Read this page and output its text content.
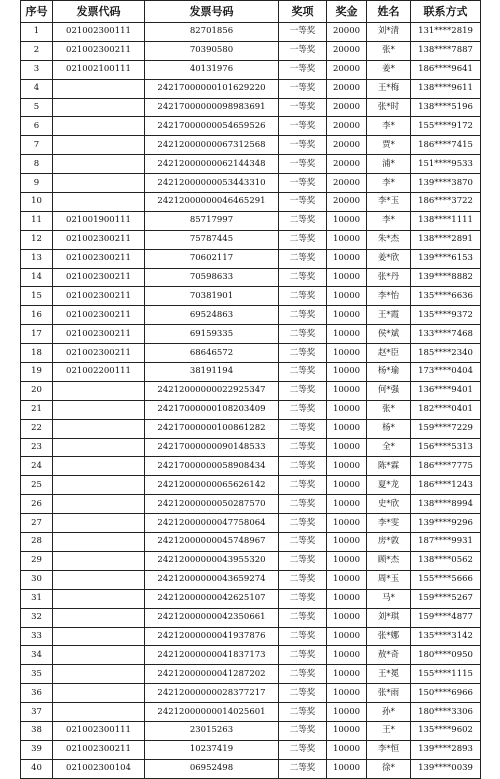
序号	发票代码	发票号码	奖项	奖金	姓名	联系方式
1	021002300111	82701856	一等奖	20000	刘*清	131****2819
2	021002300211	70390580	一等奖	20000	张*	138****7887
3	021002100111	40131976	一等奖	20000	姜*	186****9641
4		24217000000101629220	一等奖	20000	王*梅	138****9611
5		24217000000098983691	一等奖	20000	张*时	138****5196
6		24217000000054659526	一等奖	20000	李*	155****9172
7		24212000000067312568	一等奖	20000	贾*	186****7415
8		24212000000062144348	一等奖	20000	浦*	151****9533
9		24212000000053443310	一等奖	20000	李*	139****3870
10		24212000000046465291	一等奖	20000	李*玉	186****3722
11	021001900111	85717997	二等奖	10000	李*	138****1111
12	021002300211	75787445	二等奖	10000	朱*杰	138****2891
13	021002300211	70602117	二等奖	10000	姜*欣	139****6153
14	021002300211	70598633	二等奖	10000	张*丹	139****8882
15	021002300211	70381901	二等奖	10000	李*怡	135****6636
16	021002300211	69524863	二等奖	10000	王*霞	135****9372
17	021002300211	69159335	二等奖	10000	侯*斌	133****7468
18	021002300211	68646572	二等奖	10000	赵*臣	185****2340
19	021002200111	38191194	二等奖	10000	杨*瑜	173****0404
20		24212000000022925347	二等奖	10000	何*强	136****9401
21		24217000000108203409	二等奖	10000	张*	182****0401
22		24217000000100861282	二等奖	10000	杨*	159****7229
23		24217000000090148533	二等奖	10000	全*	156****5313
24		24217000000058908434	二等奖	10000	陈*霖	186****7775
25		24212000000065626142	二等奖	10000	夏*龙	186****1243
26		24212000000050287570	二等奖	10000	史*欣	138****8994
27		24212000000047758064	二等奖	10000	李*雯	139****9296
28		24212000000045748967	二等奖	10000	房*敦	187****9931
29		24212000000043955320	二等奖	10000	顾*杰	138****0562
30		24212000000043659274	二等奖	10000	周*玉	155****5666
31		24212000000042625107	二等奖	10000	马*	159****5267
32		24212000000042350661	二等奖	10000	刘*琪	159****4877
33		24212000000041937876	二等奖	10000	张*娜	135****3142
34		24212000000041837173	二等奖	10000	敖*奇	180****0950
35		24212000000041287202	二等奖	10000	王*冕	155****1115
36		24212000000028377217	二等奖	10000	张*雨	150****6966
37		24212000000014025601	二等奖	10000	孙*	180****3306
38	021002300111	23015263	二等奖	10000	王*	135****9602
39	021002300211	10237419	二等奖	10000	李*恒	139****2893
40	021002300104	06952498	二等奖	10000	徐*	139****0039
